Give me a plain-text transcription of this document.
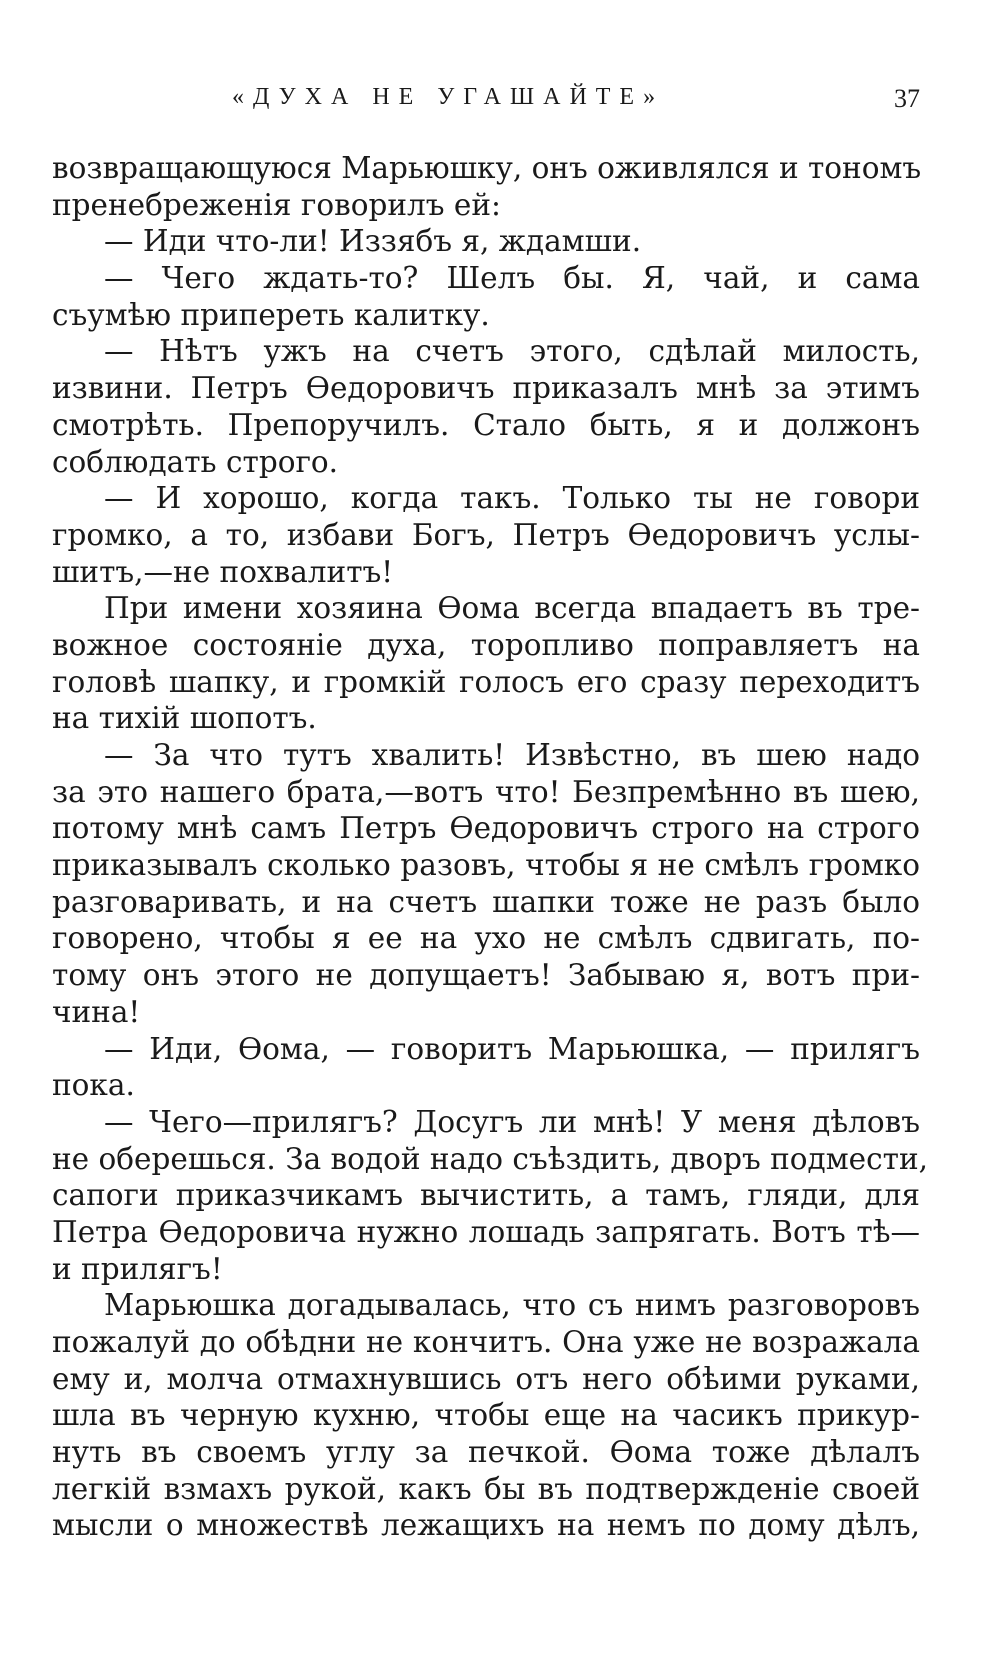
«ДУХА НЕ УГАШАЙТЕ»	37
возвращающуюся Марьюшку, онъ оживлялся и тономъ
пренебреженія говорилъ ей:
— Иди что-ли! Иззябъ я, ждамши.
— Чего ждать-то? Шелъ бы. Я, чай, и сама
съумѣю припереть калитку.
— Нѣтъ ужъ на счетъ этого, сдѣлай милость,
извини. Петръ Өедоровичъ приказалъ мнѣ за этимъ
смотрѣть. Препоручилъ. Стало быть, я и должонъ
соблюдать строго.
— И хорошо, когда такъ. Только ты не говори
громко, а то, избави Богъ, Петръ Өедоровичъ услы-
шитъ,—не похвалитъ!
При имени хозяина Өома всегда впадаетъ въ тре-
вожное состояніе духа, торопливо поправляетъ на
головѣ шапку, и громкій голосъ его сразу переходитъ
на тихій шопотъ.
— За что тутъ хвалить! Извѣстно, въ шею надо
за это нашего брата,—вотъ что! Безпремѣнно въ шею,
потому мнѣ самъ Петръ Өедоровичъ строго на строго
приказывалъ сколько разовъ, чтобы я не смѣлъ громко
разговаривать, и на счетъ шапки тоже не разъ было
говорено, чтобы я ее на ухо не смѣлъ сдвигать, по-
тому онъ этого не допущаетъ! Забываю я, вотъ при-
чина!
— Иди, Өома, — говоритъ Марьюшка, — прилягъ
пока.
— Чего—прилягъ? Досугъ ли мнѣ! У меня дѣловъ
не оберешься. За водой надо съѣздить, дворъ подмести,
сапоги приказчикамъ вычистить, а тамъ, гляди, для
Петра Өедоровича нужно лошадь запрягать. Вотъ тѣ—
и прилягъ!
Марьюшка догадывалась, что съ нимъ разговоровъ
пожалуй до обѣдни не кончитъ. Она уже не возражала
ему и, молча отмахнувшись отъ него обѣими руками,
шла въ черную кухню, чтобы еще на часикъ прикур-
нуть въ своемъ углу за печкой. Өома тоже дѣлалъ
легкій взмахъ рукой, какъ бы въ подтвержденіе своей
мысли о множествѣ лежащихъ на немъ по дому дѣлъ,
